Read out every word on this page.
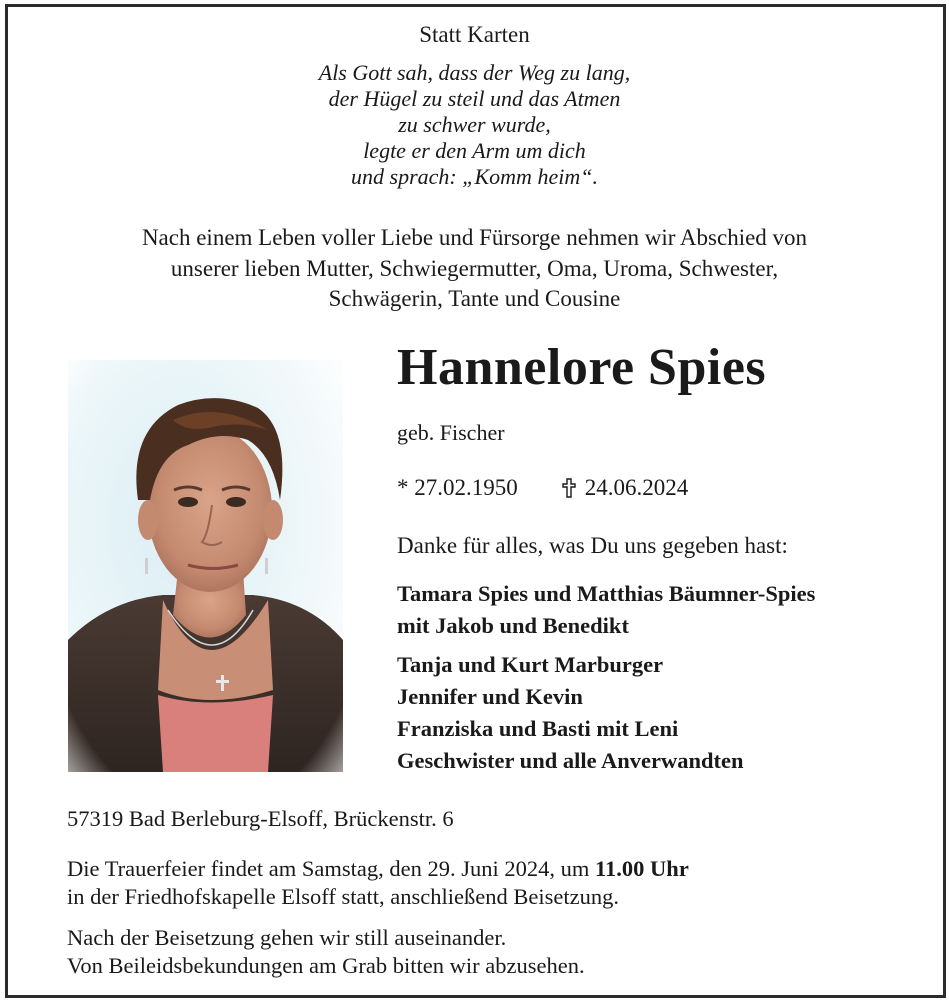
Statt Karten
Als Gott sah, dass der Weg zu lang,
der Hügel zu steil und das Atmen
zu schwer wurde,
legte er den Arm um dich
und sprach: „Komm heim“.
Nach einem Leben voller Liebe und Fürsorge nehmen wir Abschied von
unserer lieben Mutter, Schwiegermutter, Oma, Uroma, Schwester,
Schwägerin, Tante und Cousine
Hannelore Spies
geb. Fischer
* 27.02.1950	24.06.2024
Danke für alles, was Du uns gegeben hast:
Tamara Spies und Matthias Bäumner-Spies
mit Jakob und Benedikt
Tanja und Kurt Marburger
Jennifer und Kevin
Franziska und Basti mit Leni
Geschwister und alle Anverwandten
57319 Bad Berleburg-Elsoff, Brückenstr. 6
Die Trauerfeier findet am Samstag, den 29. Juni 2024, um 11.00 Uhr
in der Friedhofskapelle Elsoff statt, anschließend Beisetzung.
Nach der Beisetzung gehen wir still auseinander.
Von Beileidsbekundungen am Grab bitten wir abzusehen.
